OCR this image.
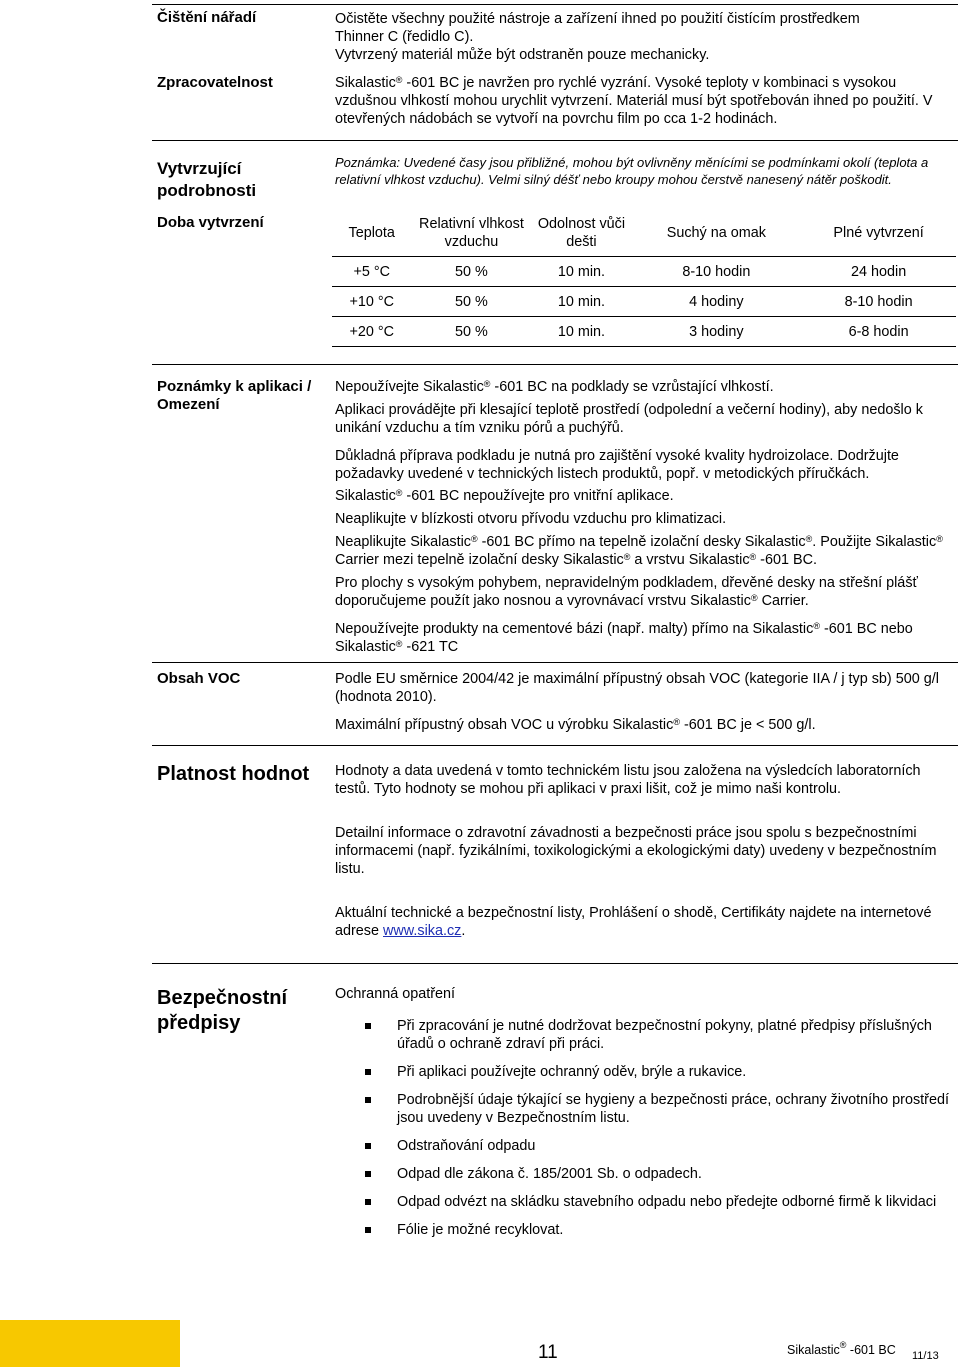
Čištění nářadí	Očistěte všechny použité nástroje a zařízení ihned po použití čistícím prostředkem
Thinner C (ředidlo C).
Vytvrzený materiál může být odstraněn pouze mechanicky.
Zpracovatelnost	Sikalastic® -601 BC je navržen pro rychlé vyzrání. Vysoké teploty v kombinaci s vysokou vzdušnou vlhkostí mohou urychlit vytvrzení. Materiál musí být spotřebován ihned po použití. V otevřených nádobách se vytvoří na povrchu film po cca 1-2 hodinách.
Vytvrzující
podrobnosti
Poznámka: Uvedené časy jsou přibližné, mohou být ovlivněny měnícími se podmínkami okolí (teplota a relativní vlhkost vzduchu). Velmi silný déšť nebo kroupy mohou čerstvě nanesený nátěr poškodit.
Doba vytvrzení
Teplota	Relativní vlhkost vzduchu	Odolnost vůči dešti	Suchý na omak	Plné vytvrzení
+5 °C	50 %	10 min.	8-10 hodin	24 hodin
+10 °C	50 %	10 min.	4 hodiny	8-10 hodin
+20 °C	50 %	10 min.	3 hodiny	6-8 hodin
Poznámky k aplikaci / Omezení

Nepoužívejte Sikalastic® -601 BC na podklady se vzrůstající vlhkostí.

Aplikaci provádějte při klesající teplotě prostředí (odpolední a večerní hodiny), aby nedošlo k unikání vzduchu a tím vzniku pórů a puchýřů.

Důkladná příprava podkladu je nutná pro zajištění vysoké kvality hydroizolace. Dodržujte požadavky uvedené v technických listech produktů, popř. v metodických příručkách.

Sikalastic® -601 BC nepoužívejte pro vnitřní aplikace.

Neaplikujte v blízkosti otvoru přívodu vzduchu pro klimatizaci.

Neaplikujte Sikalastic® -601 BC přímo na tepelně izolační desky Sikalastic®. Použijte Sikalastic® Carrier mezi tepelně izolační desky Sikalastic® a vrstvu Sikalastic® -601 BC.

Pro plochy s vysokým pohybem, nepravidelným podkladem, dřevěné desky na střešní plášť doporučujeme použít jako nosnou a vyrovnávací vrstvu Sikalastic® Carrier.

Nepoužívejte produkty na cementové bázi (např. malty) přímo na Sikalastic® -601 BC nebo Sikalastic® -621 TC

Obsah VOC	Podle EU směrnice 2004/42 je maximální přípustný obsah VOC (kategorie IIA / j typ sb) 500 g/l (hodnota 2010).

Maximální přípustný obsah VOC u výrobku Sikalastic® -601 BC je < 500 g/l.

Platnost hodnot Hodnoty a data uvedená v tomto technickém listu jsou založena na výsledcích laboratorních testů. Tyto hodnoty se mohou při aplikaci v praxi lišit, což je mimo naši kontrolu.

Detailní informace o zdravotní závadnosti a bezpečnosti práce jsou spolu s bezpečnostními informacemi (např. fyzikálními, toxikologickými a ekologickými daty) uvedeny v bezpečnostním listu.

Aktuální technické a bezpečnostní listy, Prohlášení o shodě, Certifikáty najdete na internetové adrese www.sika.cz.

Bezpečnostní
předpisy

Ochranná opatření

Při zpracování je nutné dodržovat bezpečnostní pokyny, platné předpisy příslušných úřadů o ochraně zdraví při práci.
Při aplikaci používejte ochranný oděv, brýle a rukavice.
Podrobnější údaje týkající se hygieny a bezpečnosti práce, ochrany životního prostředí jsou uvedeny v Bezpečnostním listu.
Odstraňování odpadu
Odpad dle zákona č. 185/2001 Sb. o odpadech.
Odpad odvézt na skládku stavebního odpadu nebo předejte odborné firmě k likvidaci
Fólie je možné recyklovat.
11	Sikalastic® -601 BC 11/13
